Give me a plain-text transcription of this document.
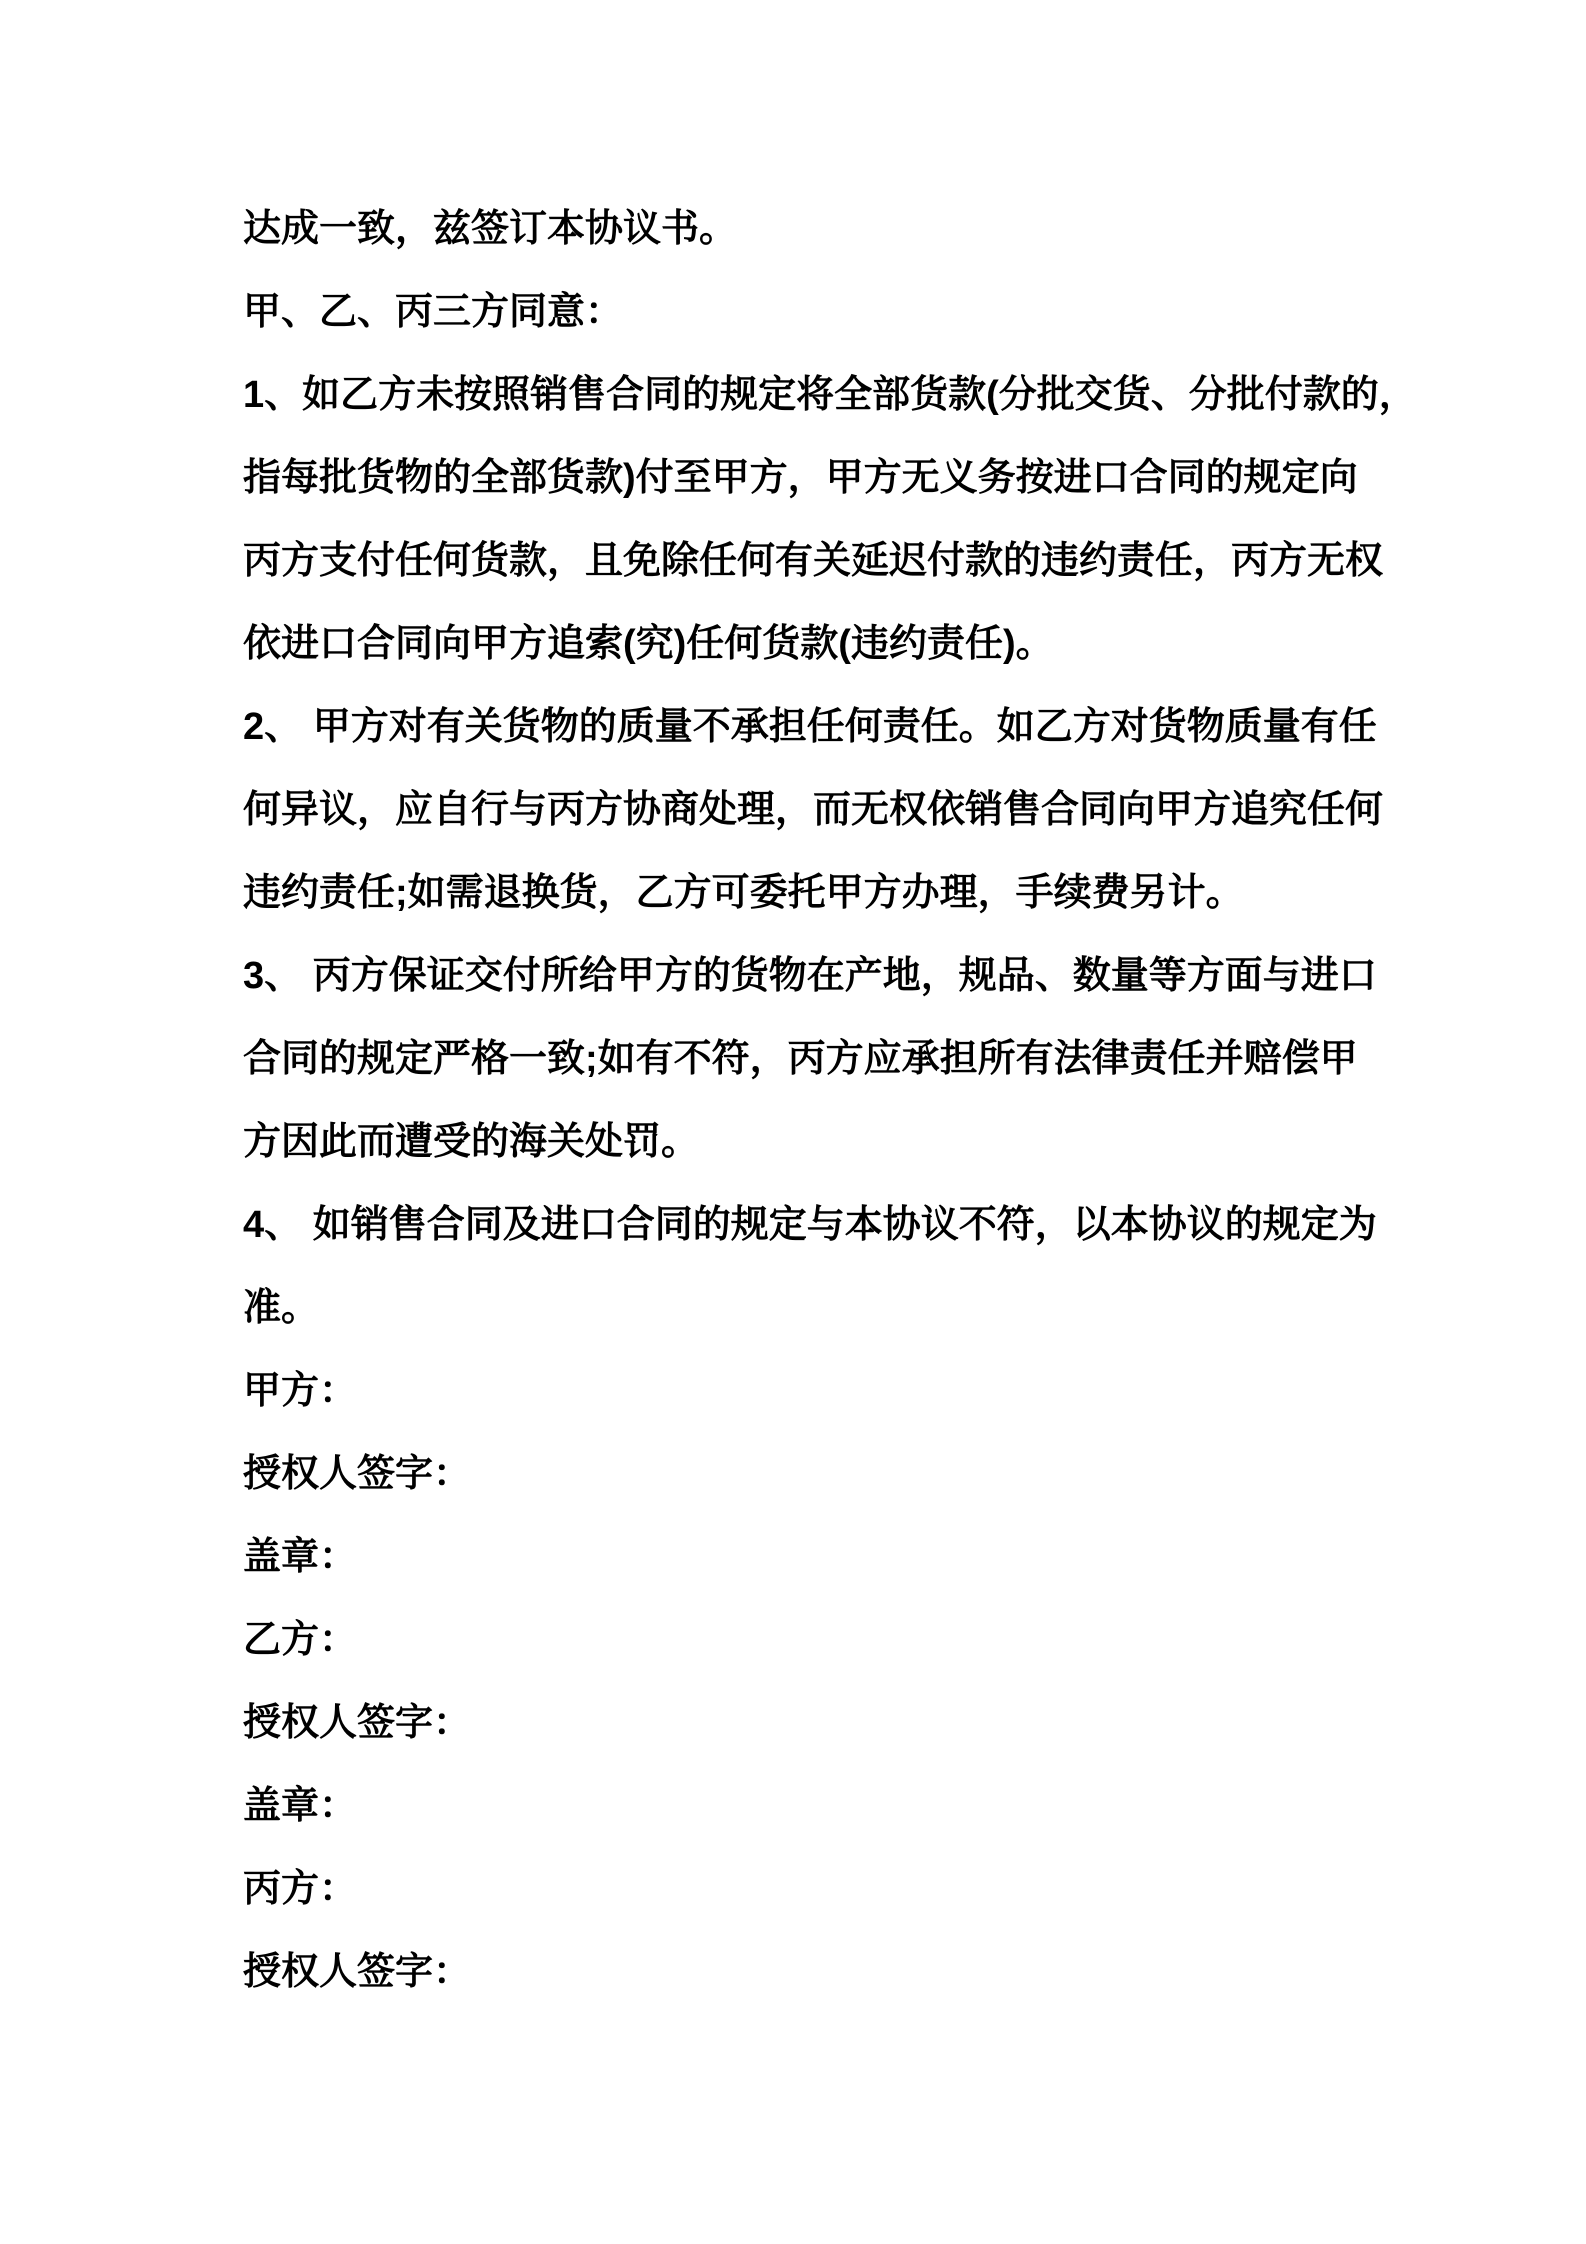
达成一致，兹签订本协议书。
甲、乙、丙三方同意：
1、如乙方未按照销售合同的规定将全部货款(分批交货、分批付款的，
指每批货物的全部货款)付至甲方，甲方无义务按进口合同的规定向
丙方支付任何货款，且免除任何有关延迟付款的违约责任，丙方无权
依进口合同向甲方追索(究)任何货款(违约责任)。
2、 甲方对有关货物的质量不承担任何责任。如乙方对货物质量有任
何异议，应自行与丙方协商处理，而无权依销售合同向甲方追究任何
违约责任;如需退换货，乙方可委托甲方办理，手续费另计。
3、 丙方保证交付所给甲方的货物在产地，规品、数量等方面与进口
合同的规定严格一致;如有不符，丙方应承担所有法律责任并赔偿甲
方因此而遭受的海关处罚。
4、 如销售合同及进口合同的规定与本协议不符，以本协议的规定为
准。
甲方：
授权人签字：
盖章：
乙方：
授权人签字：
盖章：
丙方：
授权人签字：
